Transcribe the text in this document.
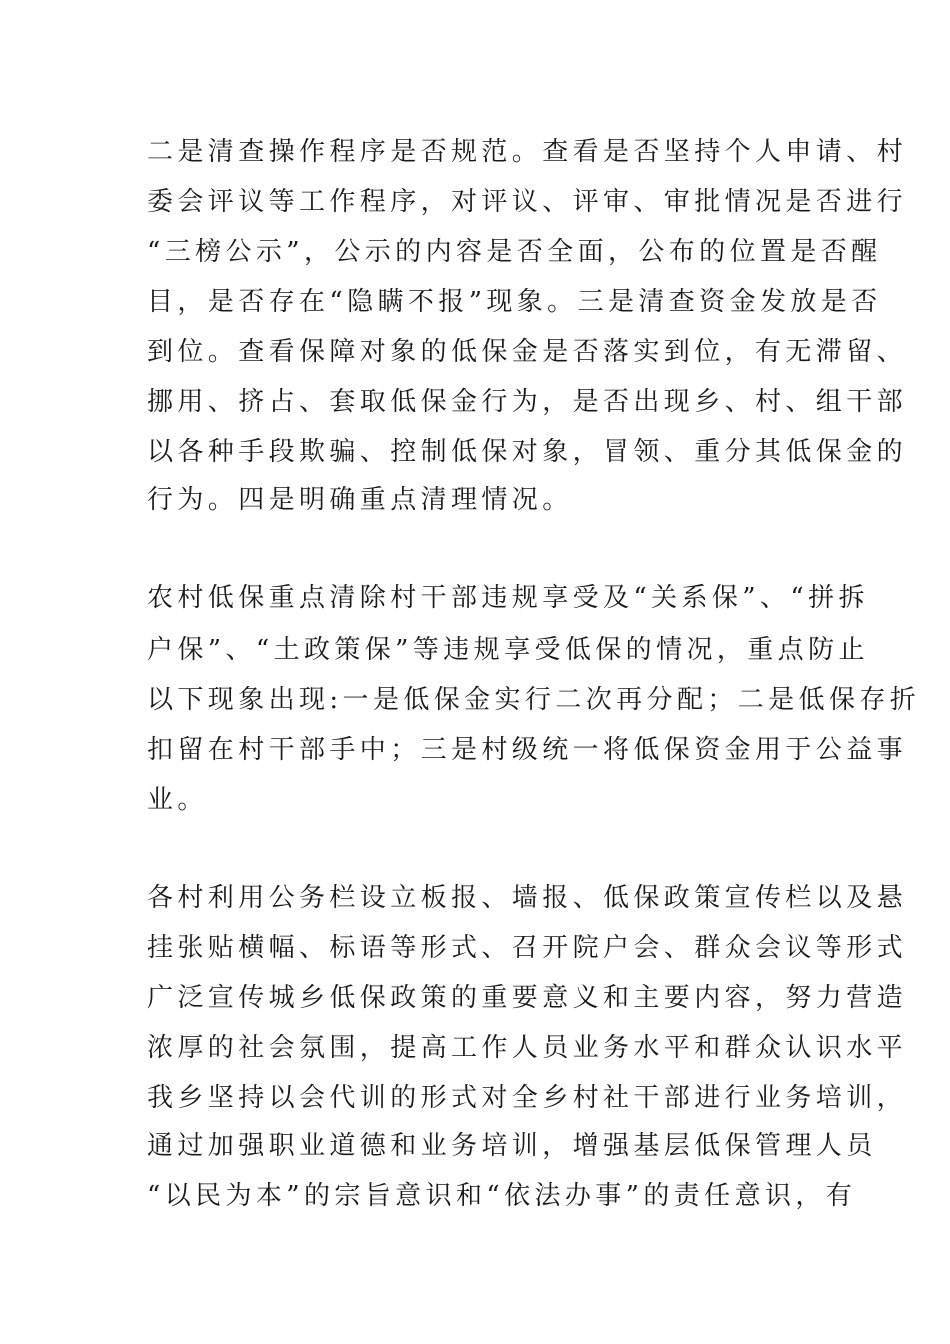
二是清查操作程序是否规范。查看是否坚持个人申请、村
委会评议等工作程序，对评议、评审、审批情况是否进行
“三榜公示”，公示的内容是否全面，公布的位置是否醒
目，是否存在“隐瞒不报”现象。三是清查资金发放是否
到位。查看保障对象的低保金是否落实到位，有无滞留、
挪用、挤占、套取低保金行为，是否出现乡、村、组干部
以各种手段欺骗、控制低保对象，冒领、重分其低保金的
行为。四是明确重点清理情况。
农村低保重点清除村干部违规享受及“关系保”、“拼拆
户保”、“土政策保”等违规享受低保的情况，重点防止
以下现象出现:一是低保金实行二次再分配；二是低保存折
扣留在村干部手中；三是村级统一将低保资金用于公益事
业。
各村利用公务栏设立板报、墙报、低保政策宣传栏以及悬
挂张贴横幅、标语等形式、召开院户会、群众会议等形式
广泛宣传城乡低保政策的重要意义和主要内容，努力营造
浓厚的社会氛围，提高工作人员业务水平和群众认识水平
我乡坚持以会代训的形式对全乡村社干部进行业务培训，
通过加强职业道德和业务培训，增强基层低保管理人员
“以民为本”的宗旨意识和“依法办事”的责任意识，有
